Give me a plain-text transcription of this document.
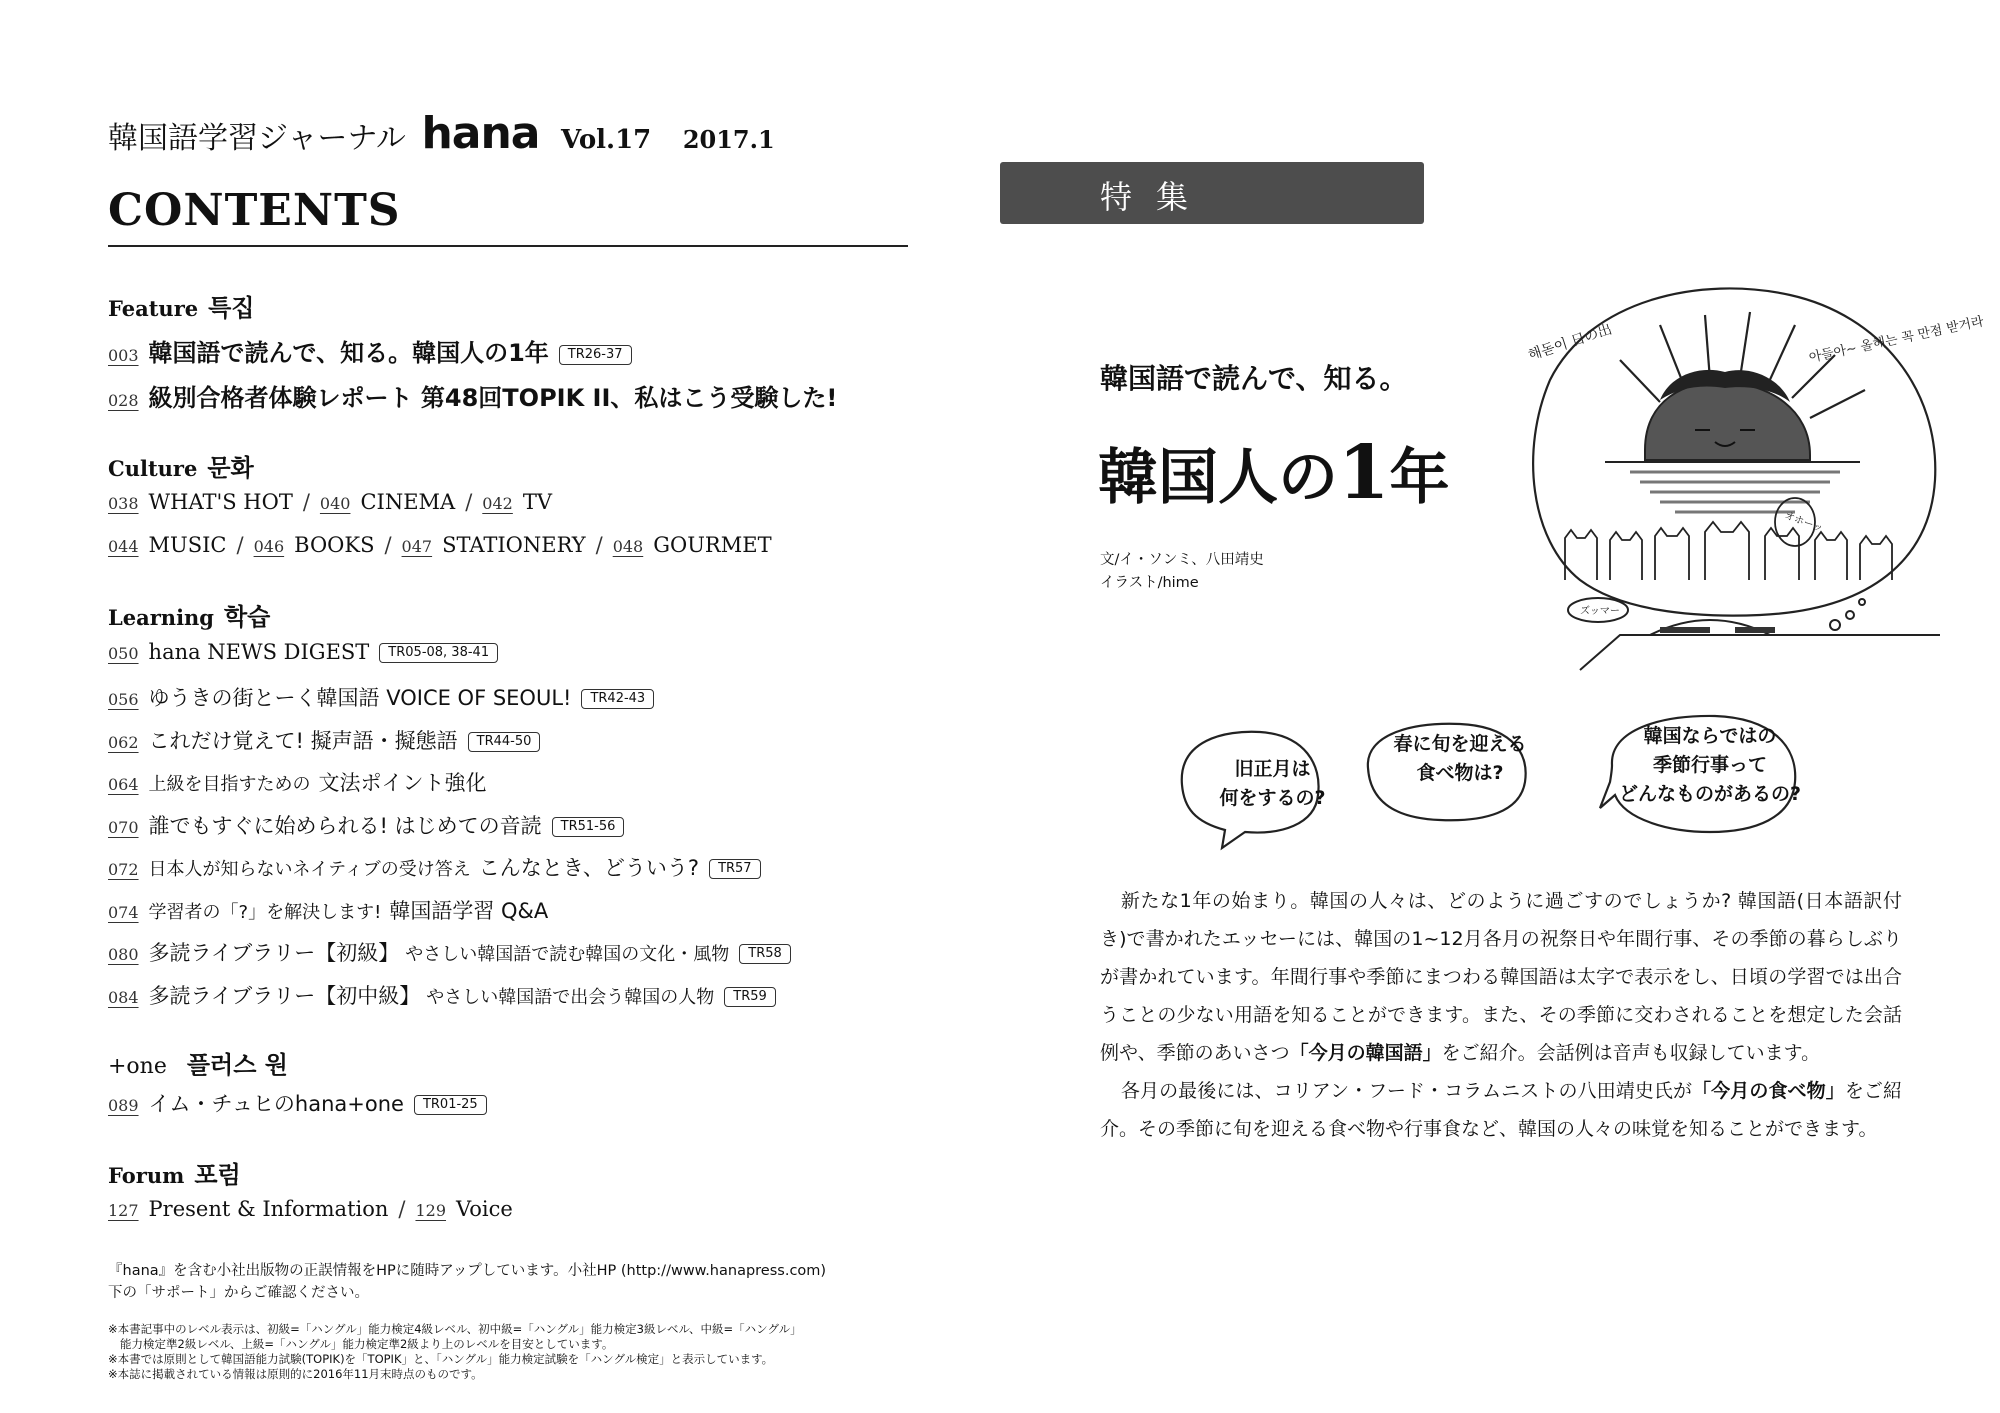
韓国語学習ジャーナル hana Vol.17 2017.1
CONTENTS
Feature 특집
003 韓国語で読んで、知る。韓国人の1年	TR26-37
028 級別合格者体験レポート 第48回TOPIK II、私はこう受験した!
Culture 문화
038 WHAT'S HOT / 040 CINEMA / 042 TV
044 MUSIC / 046 BOOKS / 047 STATIONERY / 048 GOURMET
Learning 학습
050 hana NEWS DIGEST	TR05-08, 38-41
056 ゆうきの街とーく韓国語 VOICE OF SEOUL!	TR42-43
062 これだけ覚えて! 擬声語・擬態語	TR44-50
064 上級を目指すための 文法ポイント強化
070 誰でもすぐに始められる! はじめての音読	TR51-56
072 日本人が知らないネイティブの受け答え こんなとき、どういう?	TR57
074 学習者の「?」を解決します! 韓国語学習 Q&A
080 多読ライブラリー【初級】 やさしい韓国語で読む韓国の文化・風物	TR58
084 多読ライブラリー【初中級】 やさしい韓国語で出会う韓国の人物	TR59
+one 플러스 원
089 イム・チュヒのhana+one	TR01-25
Forum 포럼
127 Present & Information / 129 Voice
『hana』を含む小社出版物の正誤情報をHPに随時アップしています。小社HP (http://www.hanapress.com)
下の「サポート」からご確認ください。
※本書記事中のレベル表示は、初級=「ハングル」能力検定4級レベル、初中級=「ハングル」能力検定3級レベル、中級=「ハングル」
能力検定準2級レベル、上級=「ハングル」能力検定準2級より上のレベルを目安としています。
※本書では原則として韓国語能力試験(TOPIK)を「TOPIK」と、「ハングル」能力検定試験を「ハングル検定」と表示しています。
※本誌に掲載されている情報は原則的に2016年11月末時点のものです。
特集
韓国語で読んで、知る。
韓国人の1年
文/イ・ソンミ、八田靖史
イラスト/hime
해돋이 日の出	아들아~ 올해는 꼭 만점 받거라
オホーッ
ズッマー
旧正月は
何をするの?
春に旬を迎える
食べ物は?
韓国ならではの
季節行事って
どんなものがあるの?

新たな1年の始まり。韓国の人々は、どのように過ごすのでしょうか? 韓国語(日本語訳付き)で書かれたエッセーには、韓国の1~12月各月の祝祭日や年間行事、その季節の暮らしぶりが書かれています。年間行事や季節にまつわる韓国語は太字で表示をし、日頃の学習では出合うことの少ない用語を知ることができます。また、その季節に交わされることを想定した会話例や、季節のあいさつ「今月の韓国語」をご紹介。会話例は音声も収録しています。

各月の最後には、コリアン・フード・コラムニストの八田靖史氏が「今月の食べ物」をご紹介。その季節に旬を迎える食べ物や行事食など、韓国の人々の味覚を知ることができます。
